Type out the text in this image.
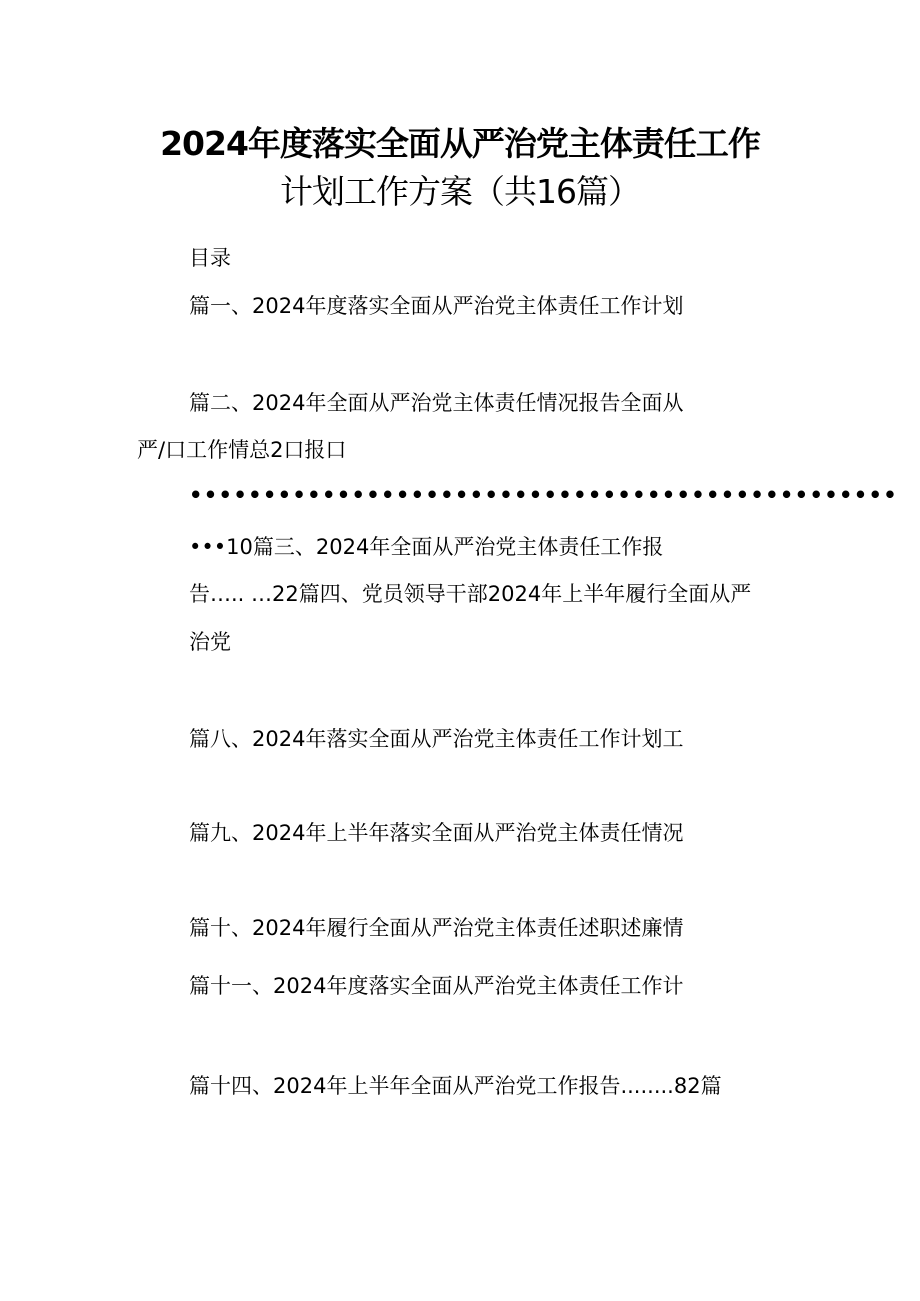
2024年度落实全面从严治党主体责任工作
计划工作方案（共16篇）
目录
篇一、2024年度落实全面从严治党主体责任工作计划
篇二、2024年全面从严治党主体责任情况报告全面从
严/口工作情总2口报口
••••••••••••••••••••••••••••••••••••••••••••••••
•••10篇三、2024年全面从严治党主体责任工作报
告….. …22篇四、党员领导干部2024年上半年履行全面从严
治党
篇八、2024年落实全面从严治党主体责任工作计划工
篇九、2024年上半年落实全面从严治党主体责任情况
篇十、2024年履行全面从严治党主体责任述职述廉情
篇十一、2024年度落实全面从严治党主体责任工作计
篇十四、2024年上半年全面从严治党工作报告........82篇
